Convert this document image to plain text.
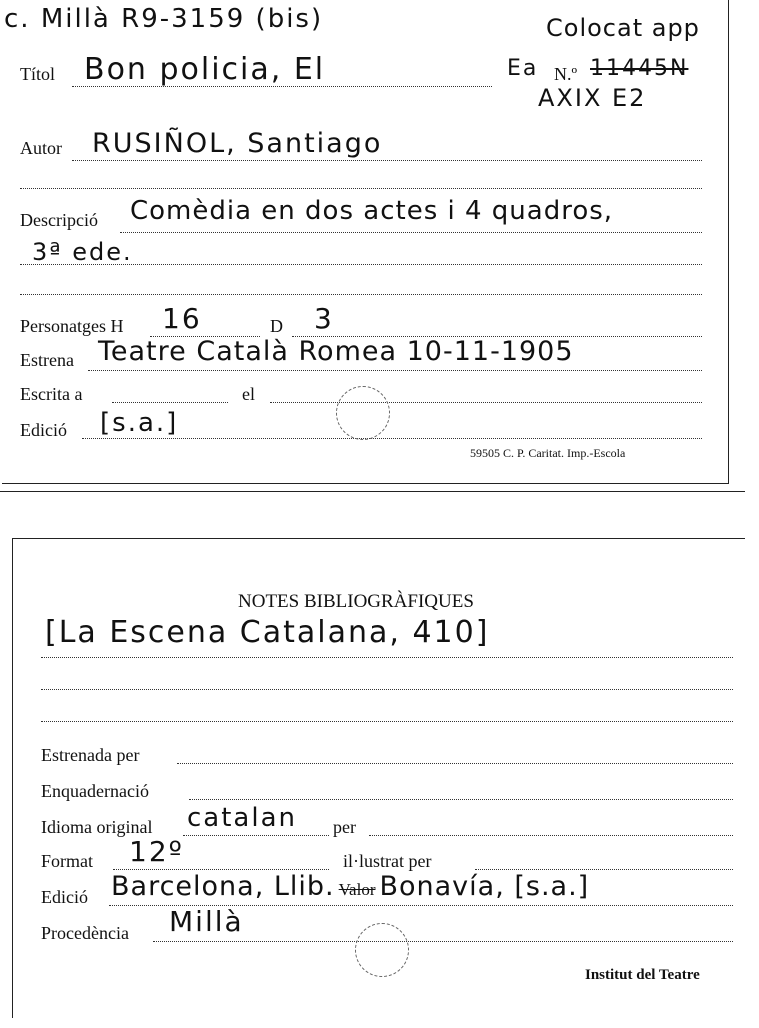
c. Millà R9-3159 (bis)	Colocat app
Títol Bon policia, El	Ea N.º 11445N
AXIX E2
Autor RUSIÑOL, Santiago
Descripció Comèdia en dos actes i 4 quadros,
3ª ede.
Personatges H 16	D 3
Estrena Teatre Català Romea 10-11-1905
Escrita a	el
Edició [s.a.]
59505 C. P. Caritat. Imp.-Escola
NOTES BIBLIOGRÀFIQUES
[La Escena Catalana, 410]
Estrenada per
Enquadernació
Idioma original catalan per
Format 12º	il·lustrat per
Edició Barcelona, Llib. Valor Bonavía, [s.a.]
Procedència Millà
Institut del Teatre
